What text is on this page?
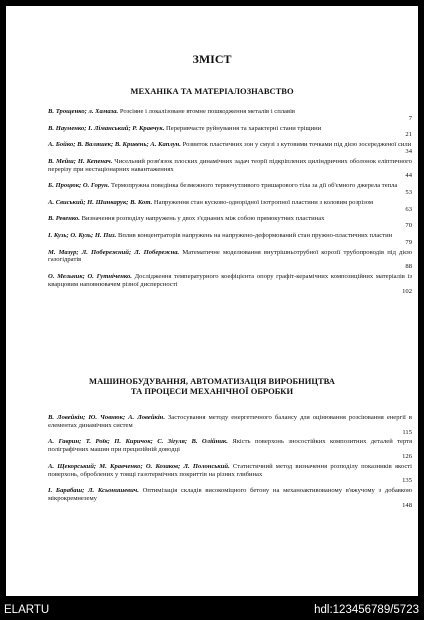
ЗМІСТ
МЕХАНІКА ТА МАТЕРІАЛОЗНАВСТВО
В. Трощенко; л. Хамаза. Розсіяне і локалізоване втомне пошкодження металів і сплавів
7
В. Науменко; І. Ліманський; Р. Кравчук. Переривчасте руйнування та характерні стани тріщини
21
А. Бойко; В. Валяшек; В. Кривень; А. Каплун. Розвиток пластичних зон у смузі з кутовими точками під дією зосередженої сили
34
В. Мейш; Н. Кепенач. Чисельний розв'язок плоских динамічних задач теорії підкріплених циліндричних оболонок еліптичного перерізу при нестаціонарних навантаженнях
44
Б. Процюк; О. Горун. Термопружна поведінка безмежного термочутливого тришарового тіла за дії об'ємного джерела тепла
53
А. Свиський; Н. Шинкарук; В. Кот. Напруження стан кусково-однорідної ізотропної пластини з коловим розрізом
63
В. Ревенко. Визначення розподілу напружень у двох з'єднаних між собою прямокутних пластинах
70
І. Кузь; О. Кузь; Н. Пиз. Вплив концентраторів напружень на напружено-деформований стан пружно-пластичних пластин
79
М. Мазур; Л. Побережний; Л. Побережна. Математичне моделювання внутрішньотрубної корозії трубопроводів під дією газогідратів
88
О. Мельник; О. Гутніченко. Дослідження температурного коефіцієнта опору графіт-керамічних композиційних матеріалів із кварцовим наповнювачем різної дисперсності
102
МАШИНОБУДУВАННЯ, АВТОМАТИЗАЦІЯ ВИРОБНИЦТВА
ТА ПРОЦЕСИ МЕХАНІЧНОЇ ОБРОБКИ
В. Ловейкін; Ю. Човнюк; А. Ловейкін. Застосування методу енергетичного балансу для оцінювання розсіювання енергії в елементах динамічних систем
115
А. Гаврин; Т. Роїк; П. Киричок; С. Зігуля; В. Олійник. Якість поверхонь зносостійких композитних деталей тертя поліграфічних машин при прецизійній доводці
126
А. Щекорський; М. Кравченко; О. Козаков; Л. Полонський. Статистичний метод визначення розподілу показників якості поверхонь, оброблених у товщі газотермічних покриттів на різних глибинах
135
І. Барабаш; Л. Ксьонишевич. Оптимізація складів високоміцного бетону на механоактивованому в'яжучому з добавкою мікрокремнезему
148
ELARTU	hdl:123456789/5723
